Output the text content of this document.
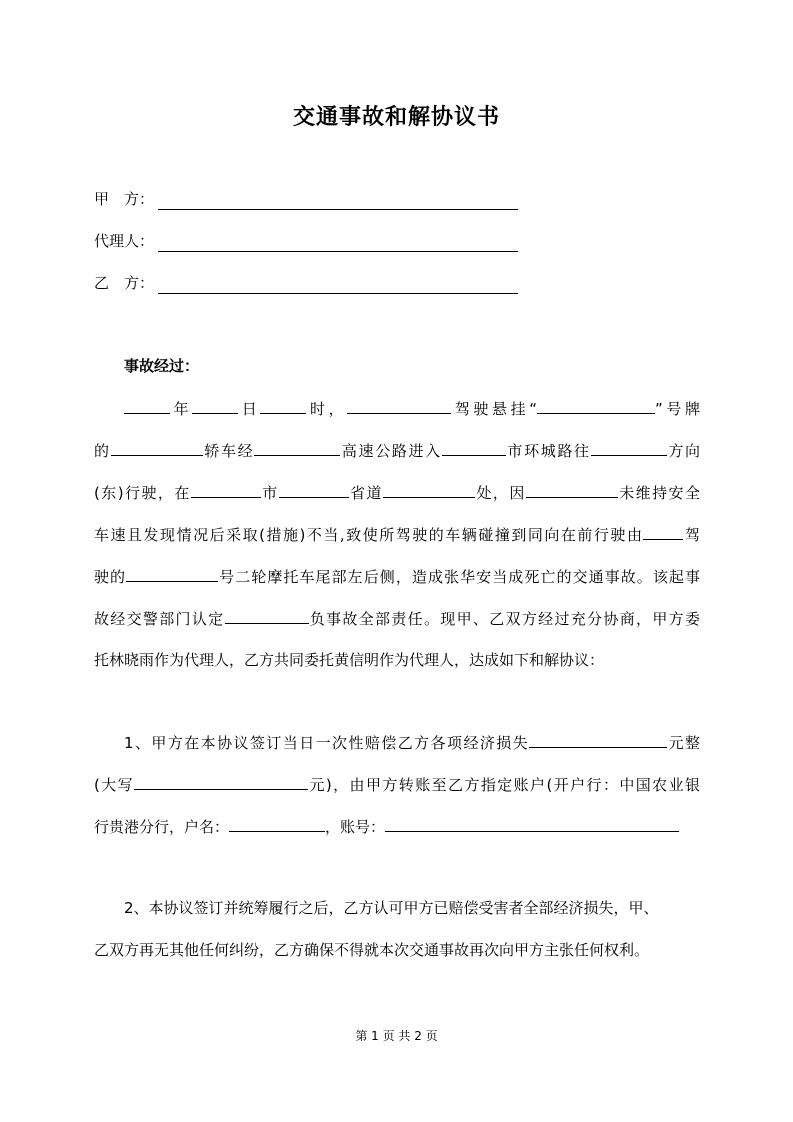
交通事故和解协议书
甲　方：
代理人：
乙　方：
事故经过：
年	日	时，	驾驶悬挂“	”号牌
的	轿车经	高速公路进入	市环城路往	方向
(东)行驶，在	市	省道	处，因	未维持安全
车速且发现情况后采取(措施)不当,致使所驾驶的车辆碰撞到同向在前行驶由	驾
驶的	号二轮摩托车尾部左后侧，造成张华安当成死亡的交通事故。该起事
故经交警部门认定	负事故全部责任。现甲、乙双方经过充分协商，甲方委
托林晓雨作为代理人，乙方共同委托黄信明作为代理人，达成如下和解协议：
1、甲方在本协议签订当日一次性赔偿乙方各项经济损失	元整
(大写	元)，由甲方转账至乙方指定账户(开户行：中国农业银
行贵港分行，户名：	，账号：
2、本协议签订并统筹履行之后，乙方认可甲方已赔偿受害者全部经济损失，甲、
乙双方再无其他任何纠纷，乙方确保不得就本次交通事故再次向甲方主张任何权利。
第 1 页 共 2 页
